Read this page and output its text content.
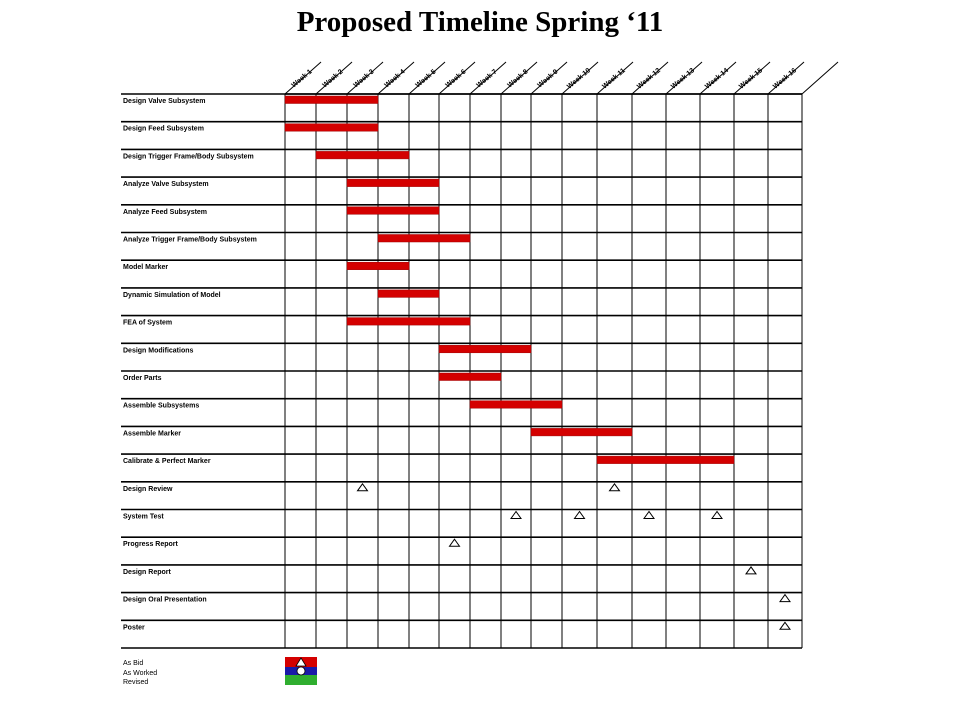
Proposed Timeline Spring ‘11
Design Valve Subsystem
Design Feed Subsystem
Design Trigger Frame/Body Subsystem
Analyze Valve Subsystem
Analyze Feed Subsystem
Analyze Trigger Frame/Body Subsystem
Model Marker
Dynamic Simulation of Model
FEA of System
Design Modifications
Order Parts
Assemble Subsystems
Assemble Marker
Calibrate & Perfect Marker
Design Review
System Test
Progress Report
Design Report
Design Oral Presentation
Poster
Week 1 Week 2 Week 3 Week 4 Week 5 Week 6 Week 7 Week 8 Week 9 Week 10 Week 11 Week 12 Week 13 Week 14 Week 15 Week 16
As Bid
As Worked
Revised
